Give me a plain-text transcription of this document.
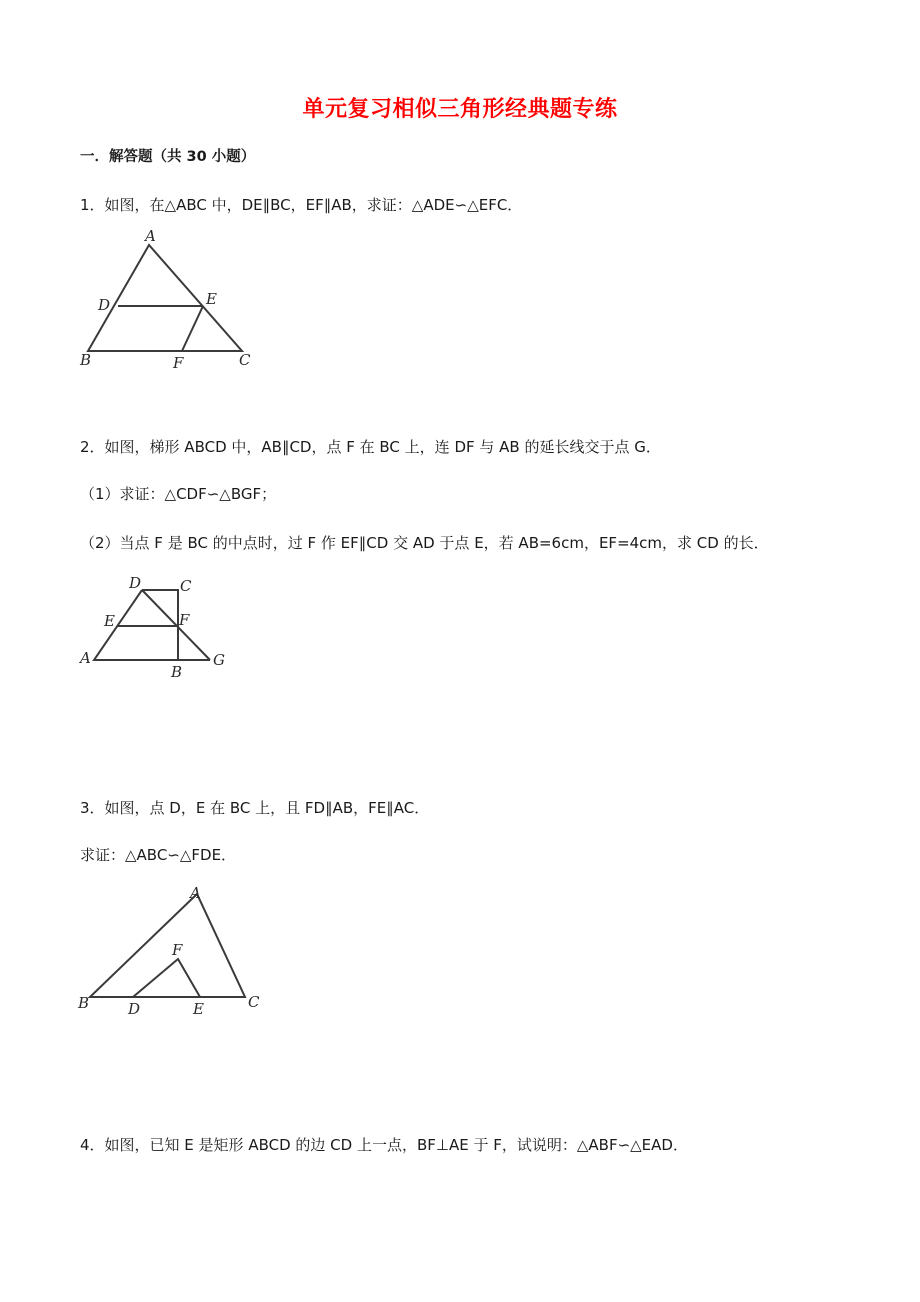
单元复习相似三角形经典题专练
一．解答题（共 30 小题）
1．如图，在△ABC 中，DE∥BC，EF∥AB，求证：△ADE∽△EFC．
A
D	E
B	F	C
2．如图，梯形 ABCD 中，AB∥CD，点 F 在 BC 上，连 DF 与 AB 的延长线交于点 G．
（1）求证：△CDF∽△BGF；
（2）当点 F 是 BC 的中点时，过 F 作 EF∥CD 交 AD 于点 E，若 AB=6cm，EF=4cm，求 CD 的长．
D	C
E	F
A
B
G
3．如图，点 D，E 在 BC 上，且 FD∥AB，FE∥AC．
求证：△ABC∽△FDE．
A
F
B	D	E	C
4．如图，已知 E 是矩形 ABCD 的边 CD 上一点，BF⊥AE 于 F，试说明：△ABF∽△EAD．
